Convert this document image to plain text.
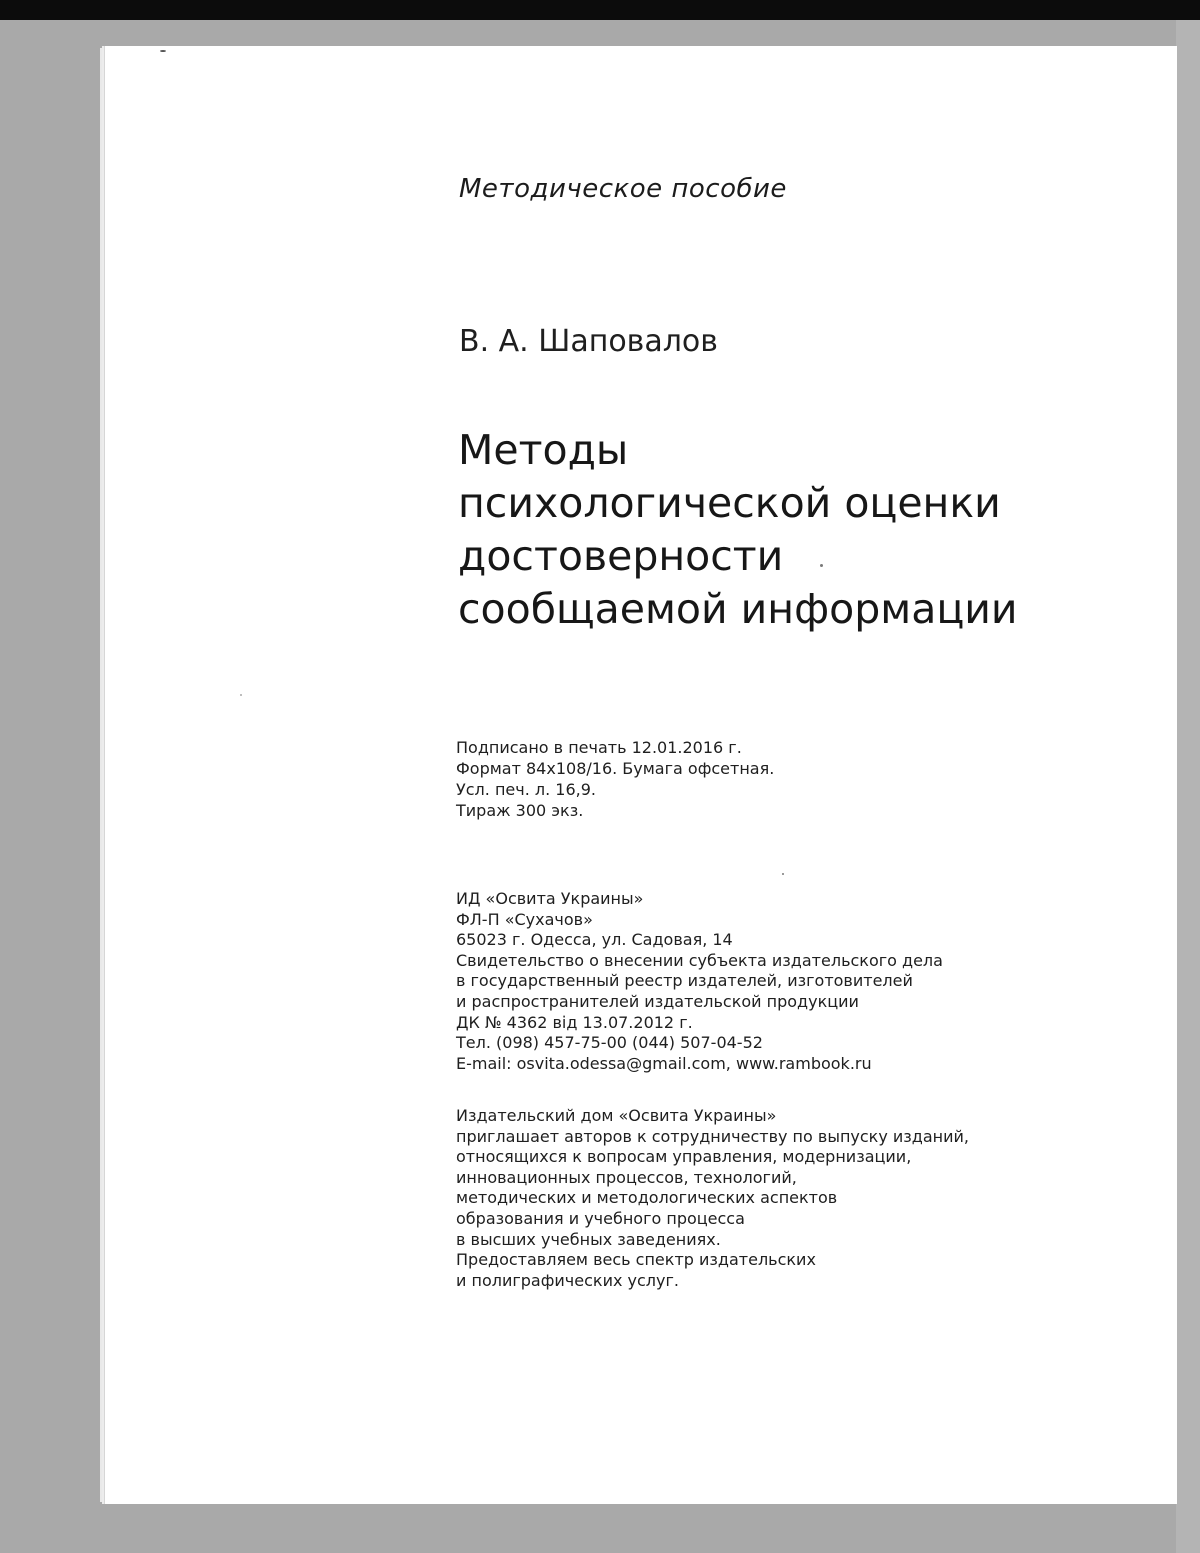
Методическое пособие
В. А. Шаповалов
Методы
психологической оценки
достоверности
сообщаемой информации
Подписано в печать 12.01.2016 г.
Формат 84x108/16. Бумага офсетная.
Усл. печ. л. 16,9.
Тираж 300 экз.
ИД «Освита Украины»
ФЛ-П «Сухачов»
65023 г. Одесса, ул. Садовая, 14
Свидетельство о внесении субъекта издательского дела
в государственный реестр издателей, изготовителей
и распространителей издательской продукции
ДК № 4362 від 13.07.2012 г.
Тел. (098) 457-75-00 (044) 507-04-52
E-mail: osvita.odessa@gmail.com, www.rambook.ru
Издательский дом «Освита Украины»
приглашает авторов к сотрудничеству по выпуску изданий,
относящихся к вопросам управления, модернизации,
инновационных процессов, технологий,
методических и методологических аспектов
образования и учебного процесса
в высших учебных заведениях.
Предоставляем весь спектр издательских
и полиграфических услуг.
